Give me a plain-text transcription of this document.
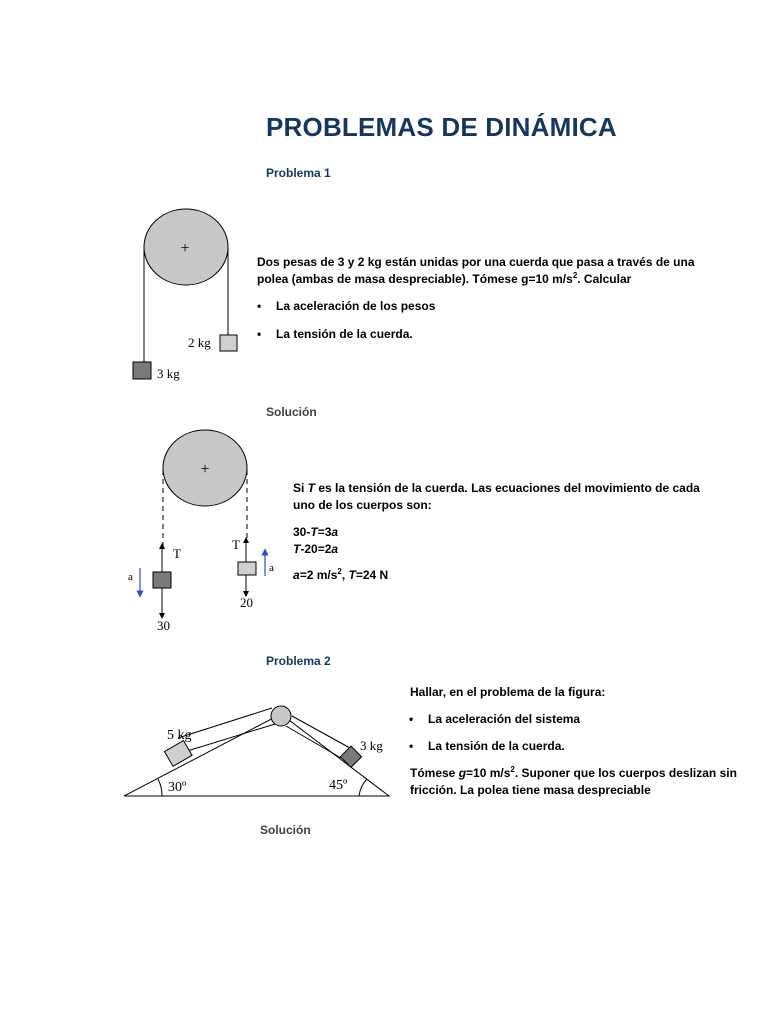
PROBLEMAS DE DINÁMICA
Problema 1
+
3 kg
2 kg
Dos pesas de 3 y 2 kg están unidas por una cuerda que pasa a través de una polea (ambas de masa despreciable). Tómese g=10 $m/s^2$. Calcular
• La aceleración de los pesos
• La tensión de la cuerda.
Solución
+
T
30
a
T
20
a
Si T es la tensión de la cuerda. Las ecuaciones del movimiento de cada uno de los cuerpos son:
30-T=3a
T-20=2a
a=2 $m/s^2$, T=24 N
Problema 2
5 kg
3 kg
30º	45º
Hallar, en el problema de la figura:
• La aceleración del sistema
• La tensión de la cuerda.
Tómese g=10 $m/s^2$. Suponer que los cuerpos deslizan sin fricción. La polea tiene masa despreciable
Solución
